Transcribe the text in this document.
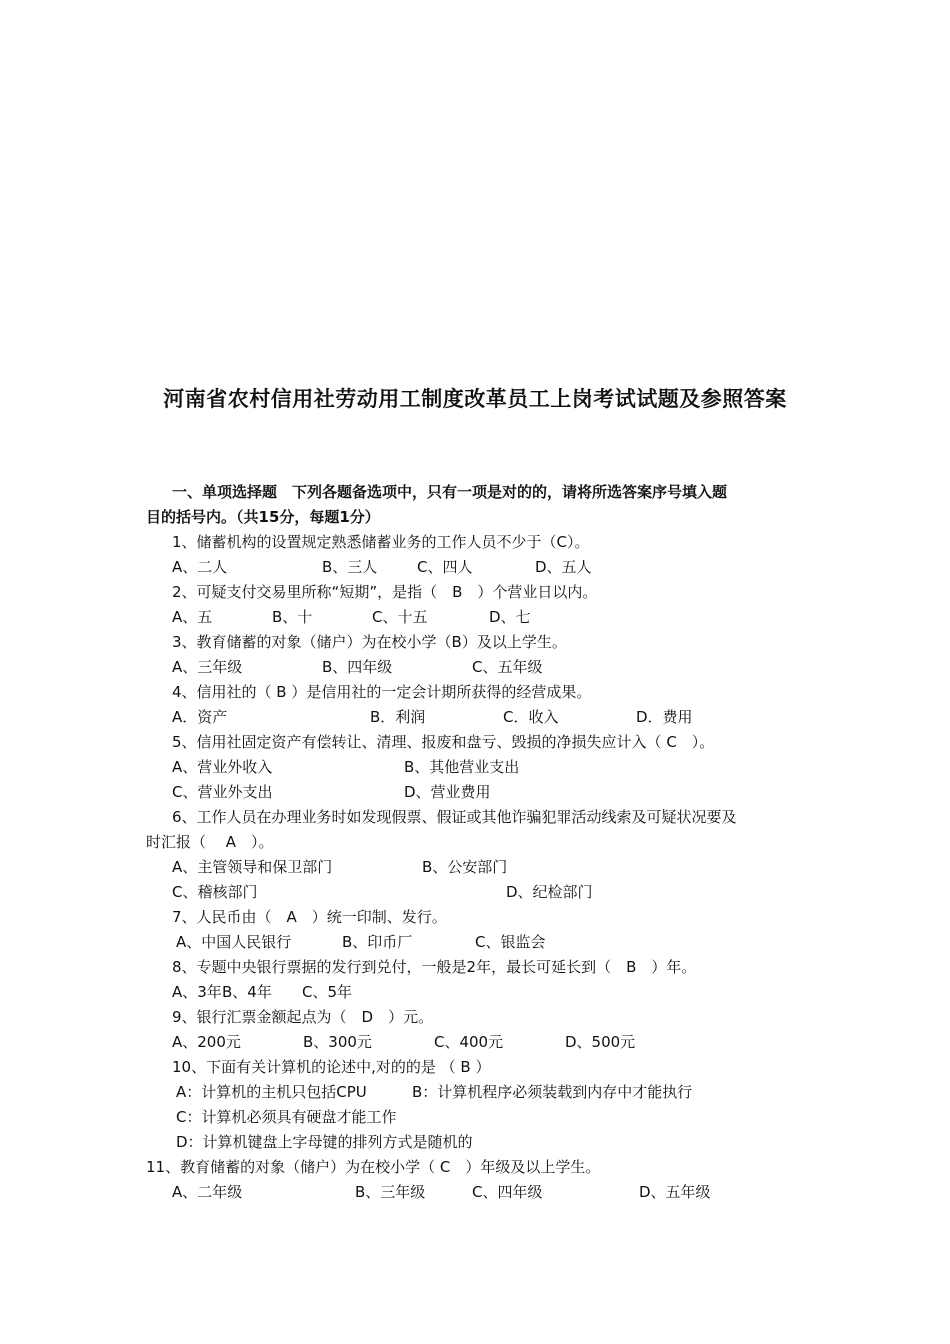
河南省农村信用社劳动用工制度改革员工上岗考试试题及参照答案
一、单项选择题　下列各题备选项中，只有一项是对的的，请将所选答案序号填入题
目的括号内。（共15分，每题1分）
1、储蓄机构的设置规定熟悉储蓄业务的工作人员不少于（C）。
A、二人	B、三人	C、四人	D、五人
2、可疑支付交易里所称“短期”，是指（　B　）个营业日以内。
A、五	B、十	C、十五	D、七
3、教育储蓄的对象（储户）为在校小学（B）及以上学生。
A、三年级	B、四年级	C、五年级
4、信用社的（ B ）是信用社的一定会计期所获得的经营成果。
A．资产	B．利润	C．收入	D．费用
5、信用社固定资产有偿转让、清理、报废和盘亏、毁损的净损失应计入（ C　）。
A、营业外收入	B、其他营业支出
C、营业外支出	D、营业费用
6、工作人员在办理业务时如发现假票、假证或其他诈骗犯罪活动线索及可疑状况要及
时汇报（　 A　）。
A、主管领导和保卫部门	B、公安部门
C、稽核部门	D、纪检部门
7、人民币由（　A　）统一印制、发行。
A、中国人民银行	B、印币厂	C、银监会
8、专题中央银行票据的发行到兑付，一般是2年，最长可延长到（　B　）年。
A、3年B、4年 C、5年
9、银行汇票金额起点为（　D　）元。
A、200元	B、300元	C、400元	D、500元
10、下面有关计算机的论述中,对的的是 （ B ）
A：计算机的主机只包括CPU	B：计算机程序必须装载到内存中才能执行
C：计算机必须具有硬盘才能工作
D：计算机键盘上字母键的排列方式是随机的
11、教育储蓄的对象（储户）为在校小学（ C　）年级及以上学生。
A、二年级	B、三年级	C、四年级	D、五年级
